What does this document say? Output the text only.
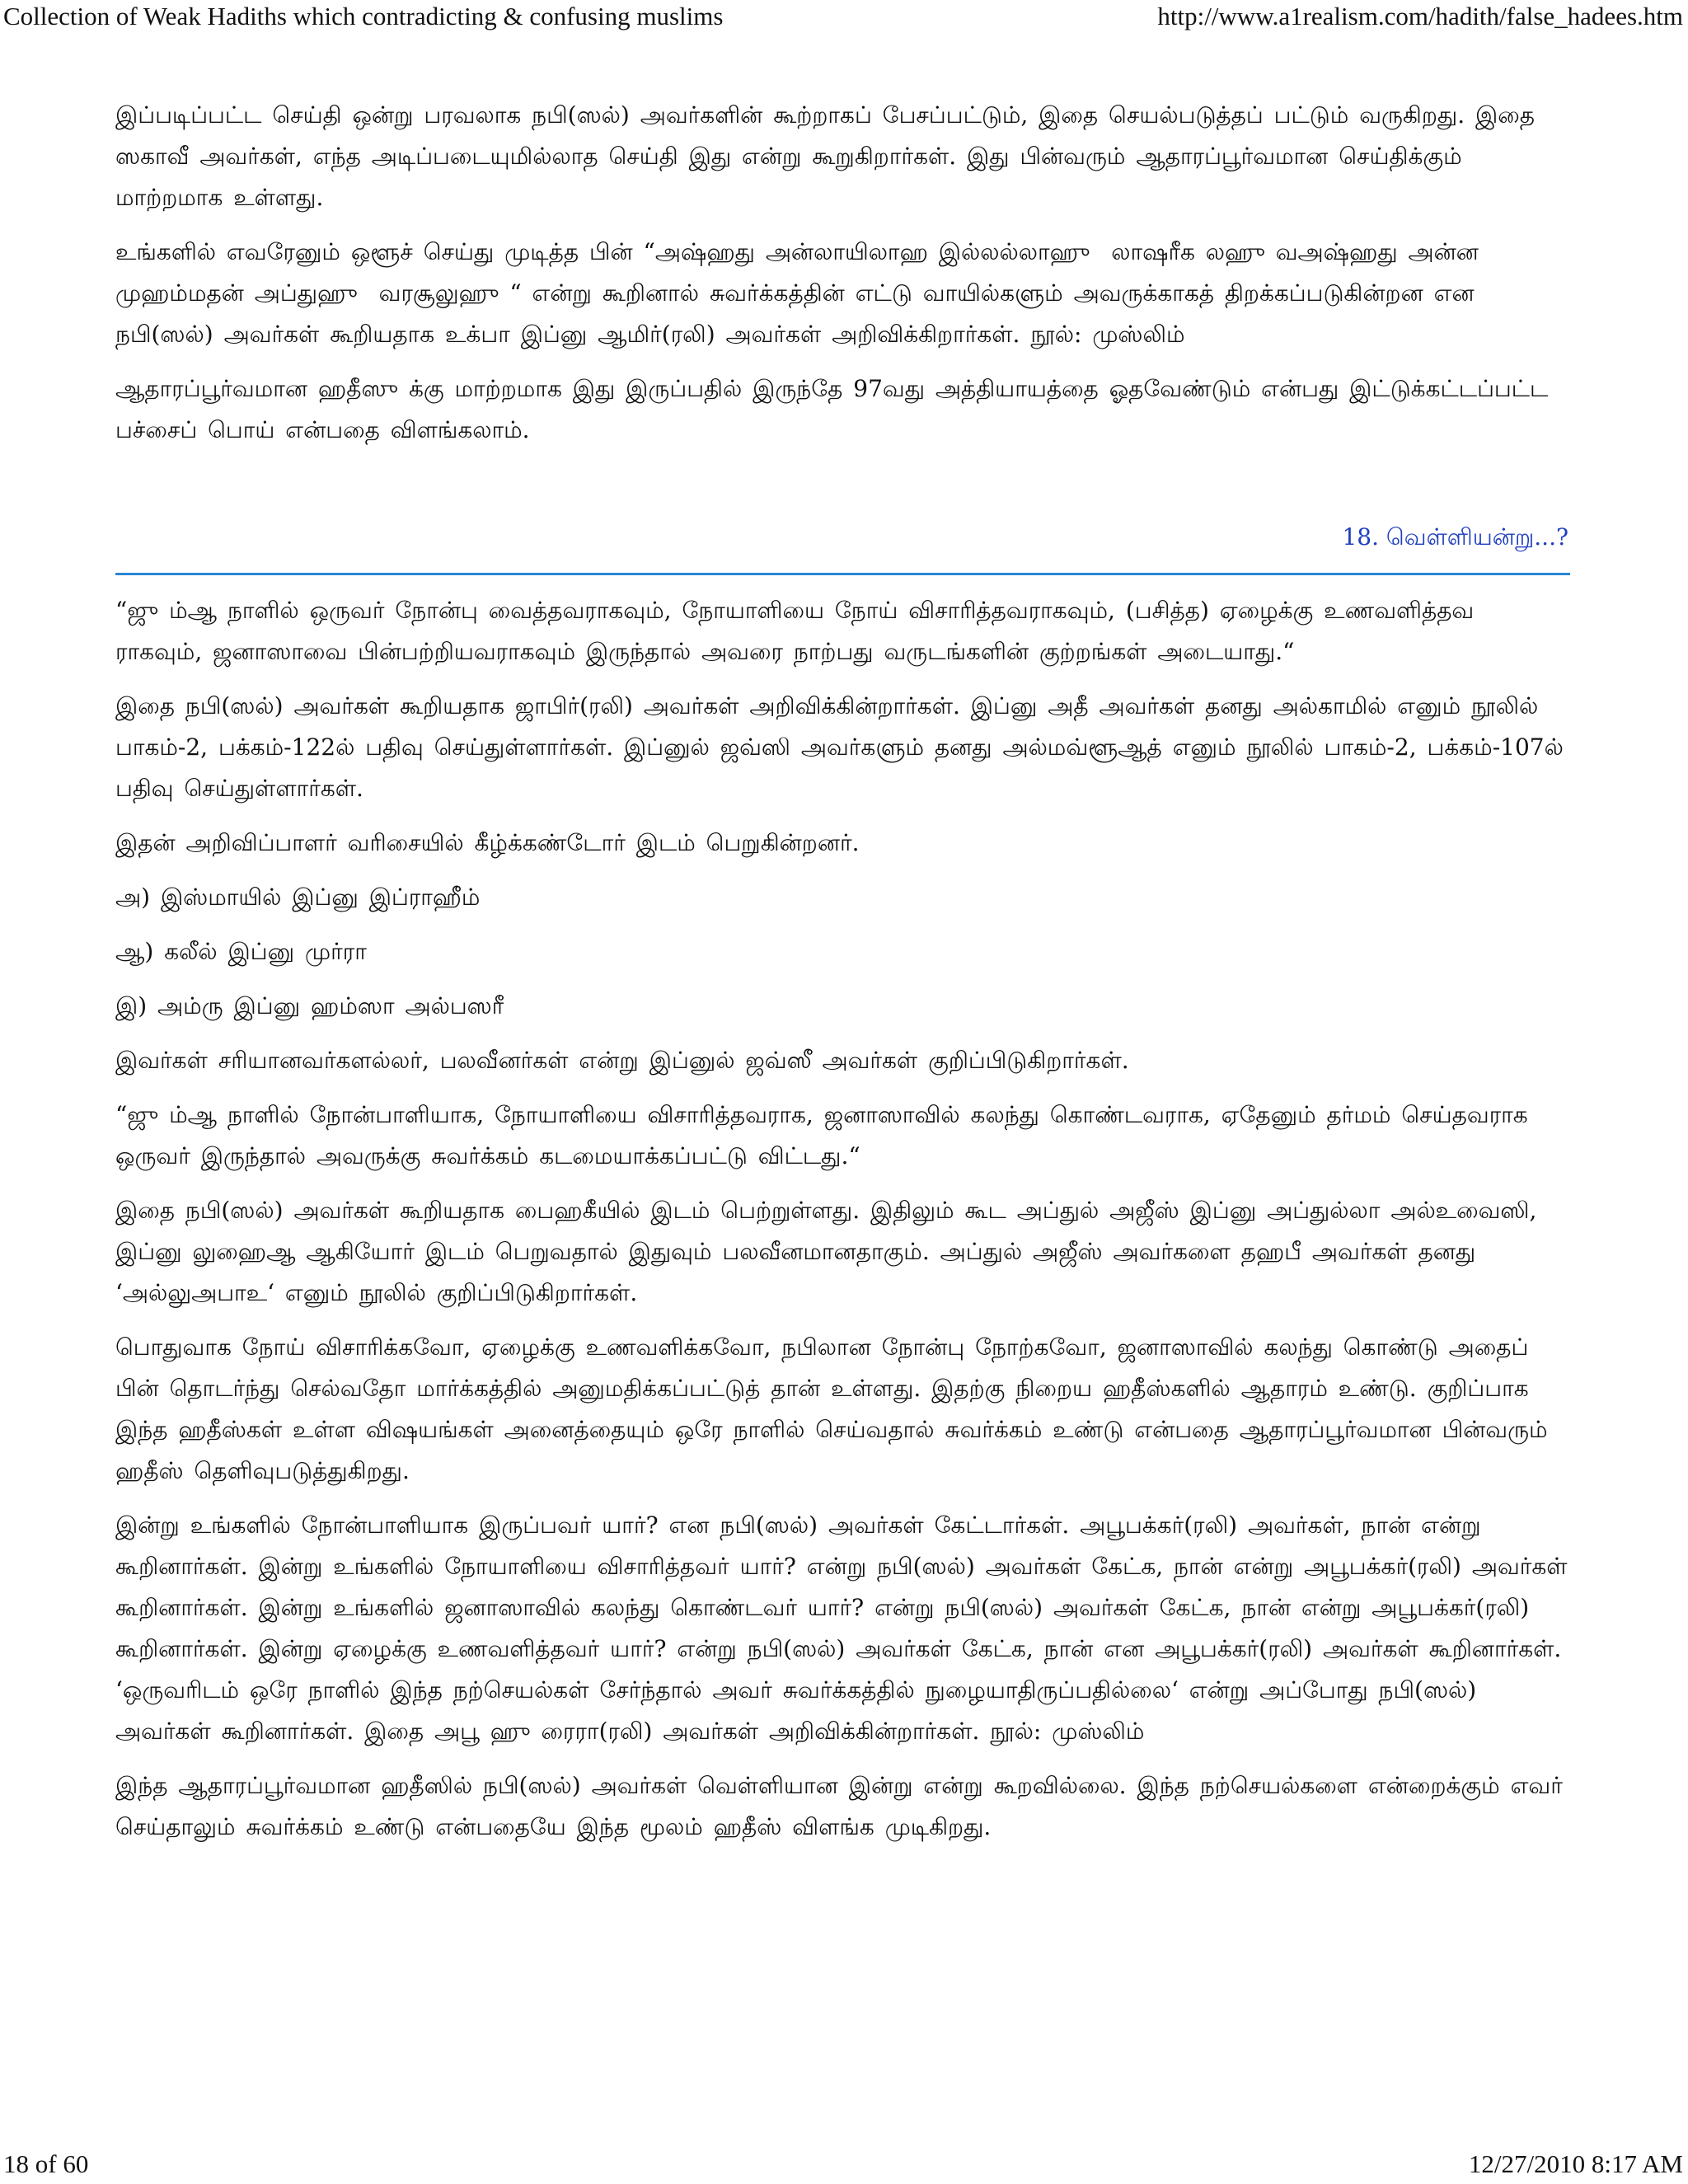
Collection of Weak Hadiths which contradicting & confusing muslims	http://www.a1realism.com/hadith/false_hadees.htm

இப்படிப்பட்ட செய்தி ஒன்று பரவலாக நபி(ஸல்) அவர்களின் கூற்றாகப் பேசப்பட்டும், இதை செயல்படுத்தப் பட்டும் வருகிறது. இதை ஸகாவீ அவர்கள், எந்த அடிப்படையுமில்லாத செய்தி இது என்று கூறுகிறார்கள். இது பின்வரும் ஆதாரப்பூர்வமான செய்திக்கும் மாற்றமாக உள்ளது.

உங்களில் எவரேனும் ஒளூச் செய்து முடித்த பின் “அஷ்ஹது அன்லாயிலாஹ இல்லல்லாஹு  லாஷரீக லஹு வஅஷ்ஹது அன்ன முஹம்மதன் அப்துஹு  வரசூலுஹு “ என்று கூறினால் சுவர்க்கத்தின் எட்டு வாயில்களும் அவருக்காகத் திறக்கப்படுகின்றன என நபி(ஸல்) அவர்கள் கூறியதாக உக்பா இப்னு ஆமிர்(ரலி) அவர்கள் அறிவிக்கிறார்கள். நூல்: முஸ்லிம்

ஆதாரப்பூர்வமான ஹதீஸு க்கு மாற்றமாக இது இருப்பதில் இருந்தே 97வது அத்தியாயத்தை ஓதவேண்டும் என்பது இட்டுக்கட்டப்பட்ட பச்சைப் பொய் என்பதை விளங்கலாம்.

18. வெள்ளியன்று...?

“ஜு ம்ஆ நாளில் ஒருவர் நோன்பு வைத்தவராகவும், நோயாளியை நோய் விசாரித்தவராகவும், (பசித்த) ஏழைக்கு உணவளித்தவ ராகவும், ஜனாஸாவை பின்பற்றியவராகவும் இருந்தால் அவரை நாற்பது வருடங்களின் குற்றங்கள் அடையாது.“

இதை நபி(ஸல்) அவர்கள் கூறியதாக ஜாபிர்(ரலி) அவர்கள் அறிவிக்கின்றார்கள். இப்னு அதீ அவர்கள் தனது அல்காமில் எனும் நூலில் பாகம்-2, பக்கம்-122ல் பதிவு செய்துள்ளார்கள். இப்னுல் ஜவ்ஸி அவர்களும் தனது அல்மவ்ளூஆத் எனும் நூலில் பாகம்-2, பக்கம்-107ல் பதிவு செய்துள்ளார்கள்.

இதன் அறிவிப்பாளர் வரிசையில் கீழ்க்கண்டோர் இடம் பெறுகின்றனர்.

அ) இஸ்மாயில் இப்னு இப்ராஹீம்

ஆ) கலீல் இப்னு முர்ரா

இ) அம்ரு இப்னு ஹம்ஸா அல்பஸரீ

இவர்கள் சரியானவர்களல்லர், பலவீனர்கள் என்று இப்னுல் ஜவ்ஸீ அவர்கள் குறிப்பிடுகிறார்கள்.

“ஜு ம்ஆ நாளில் நோன்பாளியாக, நோயாளியை விசாரித்தவராக, ஜனாஸாவில் கலந்து கொண்டவராக, ஏதேனும் தர்மம் செய்தவராக ஒருவர் இருந்தால் அவருக்கு சுவர்க்கம் கடமையாக்கப்பட்டு விட்டது.“

இதை நபி(ஸல்) அவர்கள் கூறியதாக பைஹகீயில் இடம் பெற்றுள்ளது. இதிலும் கூட அப்துல் அஜீஸ் இப்னு அப்துல்லா அல்உவைஸி, இப்னு லுஹைஆ ஆகியோர் இடம் பெறுவதால் இதுவும் பலவீனமானதாகும். அப்துல் அஜீஸ் அவர்களை தஹபீ அவர்கள் தனது ‘அல்லுஅபாஉ‘ எனும் நூலில் குறிப்பிடுகிறார்கள்.

பொதுவாக நோய் விசாரிக்கவோ, ஏழைக்கு உணவளிக்கவோ, நபிலான நோன்பு நோற்கவோ, ஜனாஸாவில் கலந்து கொண்டு அதைப் பின் தொடர்ந்து செல்வதோ மார்க்கத்தில் அனுமதிக்கப்பட்டுத் தான் உள்ளது. இதற்கு நிறைய ஹதீஸ்களில் ஆதாரம் உண்டு. குறிப்பாக இந்த ஹதீஸ்கள் உள்ள விஷயங்கள் அனைத்தையும் ஒரே நாளில் செய்வதால் சுவர்க்கம் உண்டு என்பதை ஆதாரப்பூர்வமான பின்வரும் ஹதீஸ் தெளிவுபடுத்துகிறது.

இன்று உங்களில் நோன்பாளியாக இருப்பவர் யார்? என நபி(ஸல்) அவர்கள் கேட்டார்கள். அபூபக்கர்(ரலி) அவர்கள், நான் என்று கூறினார்கள். இன்று உங்களில் நோயாளியை விசாரித்தவர் யார்? என்று நபி(ஸல்) அவர்கள் கேட்க, நான் என்று அபூபக்கர்(ரலி) அவர்கள் கூறினார்கள். இன்று உங்களில் ஜனாஸாவில் கலந்து கொண்டவர் யார்? என்று நபி(ஸல்) அவர்கள் கேட்க, நான் என்று அபூபக்கர்(ரலி) கூறினார்கள். இன்று ஏழைக்கு உணவளித்தவர் யார்? என்று நபி(ஸல்) அவர்கள் கேட்க, நான் என அபூபக்கர்(ரலி) அவர்கள் கூறினார்கள். ‘ஒருவரிடம் ஒரே நாளில் இந்த நற்செயல்கள் சேர்ந்தால் அவர் சுவர்க்கத்தில் நுழையாதிருப்பதில்லை‘ என்று அப்போது நபி(ஸல்) அவர்கள் கூறினார்கள். இதை அபூ ஹு ரைரா(ரலி) அவர்கள் அறிவிக்கின்றார்கள். நூல்: முஸ்லிம்

இந்த ஆதாரப்பூர்வமான ஹதீஸில் நபி(ஸல்) அவர்கள் வெள்ளியான இன்று என்று கூறவில்லை. இந்த நற்செயல்களை என்றைக்கும் எவர் செய்தாலும் சுவர்க்கம் உண்டு என்பதையே இந்த மூலம் ஹதீஸ் விளங்க முடிகிறது.

18 of 60	12/27/2010 8:17 AM
